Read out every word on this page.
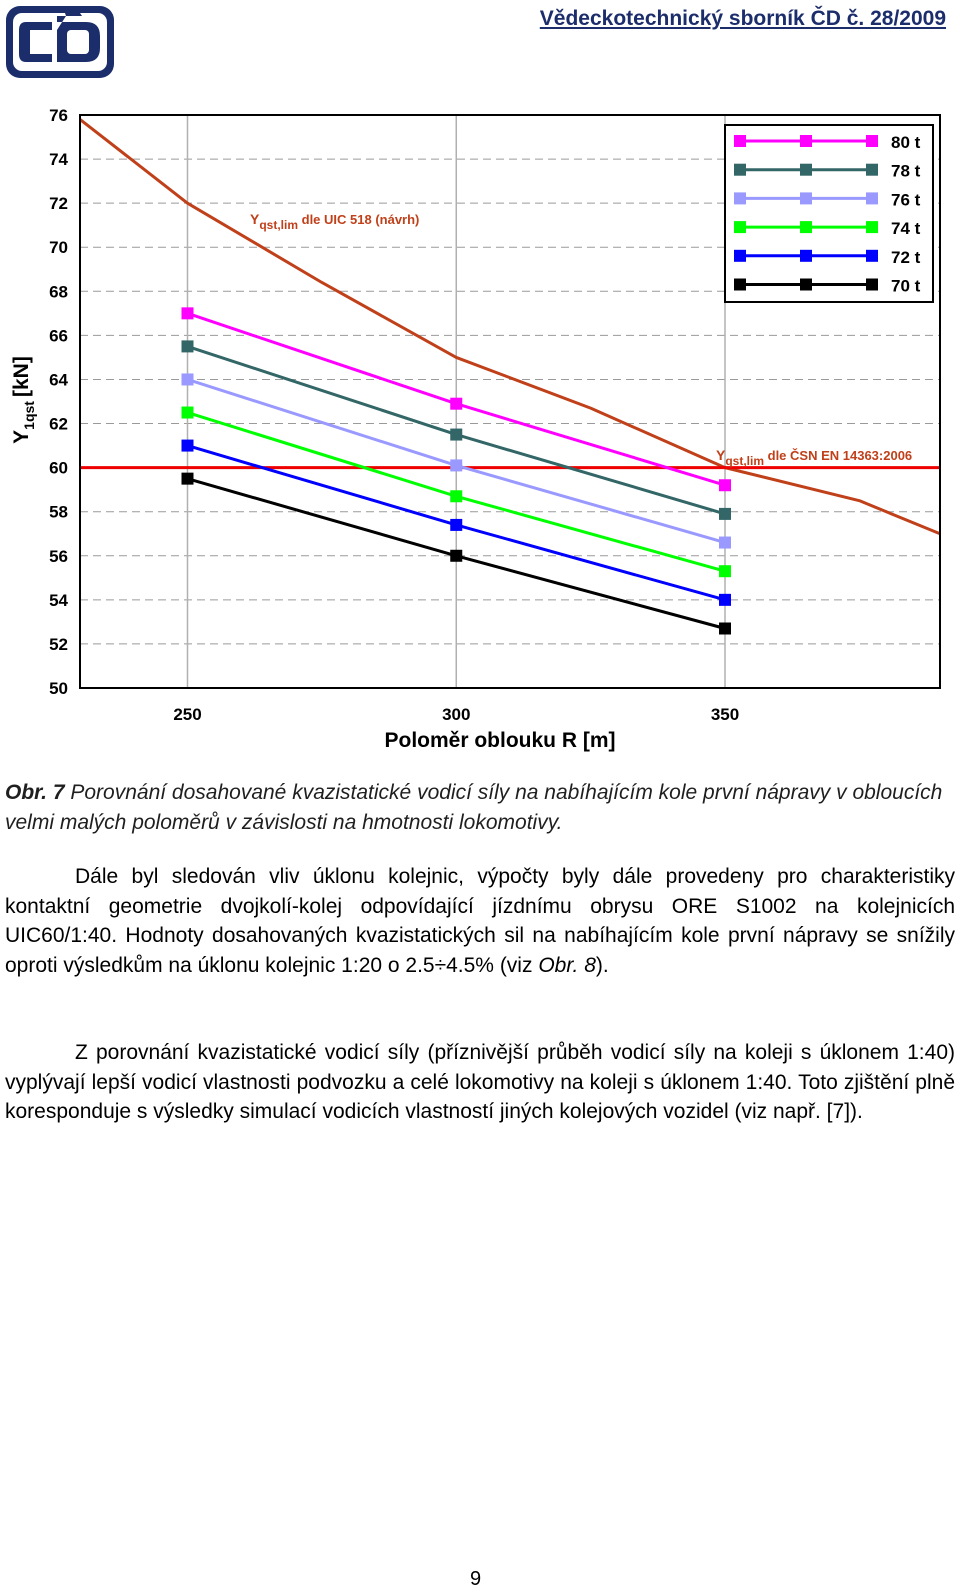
Vědeckotechnický sborník ČD č. 28/2009
50
52
54
56
58
60
62
64
66
68
70
72
74
76
250	300	350
Yqst,lim dle UIC 518 (návrh)
Yqst,lim dle ČSN EN 14363:2006
80 t
78 t
76 t
74 t
72 t
70 t
Poloměr oblouku R [m]
$Y_{1qst}[kN]$
Obr. 7 Porovnání dosahované kvazistatické vodicí síly na nabíhajícím kole první nápravy v obloucích velmi malých poloměrů v závislosti na hmotnosti lokomotivy.
Dále byl sledován vliv úklonu kolejnic, výpočty byly dále provedeny pro charakteristiky kontaktní geometrie dvojkolí-kolej odpovídající jízdnímu obrysu ORE S1002 na kolejnicích UIC60/1:40. Hodnoty dosahovaných kvazistatických sil na nabíhajícím kole první nápravy se snížily oproti výsledkům na úklonu kolejnic 1:20 o 2.5÷4.5% (viz Obr. 8).
Z porovnání kvazistatické vodicí síly (příznivější průběh vodicí síly na koleji s úklonem 1:40) vyplývají lepší vodicí vlastnosti podvozku a celé lokomotivy na koleji s úklonem 1:40. Toto zjištění plně koresponduje s výsledky simulací vodicích vlastností jiných kolejových vozidel (viz např. [7]).
9
